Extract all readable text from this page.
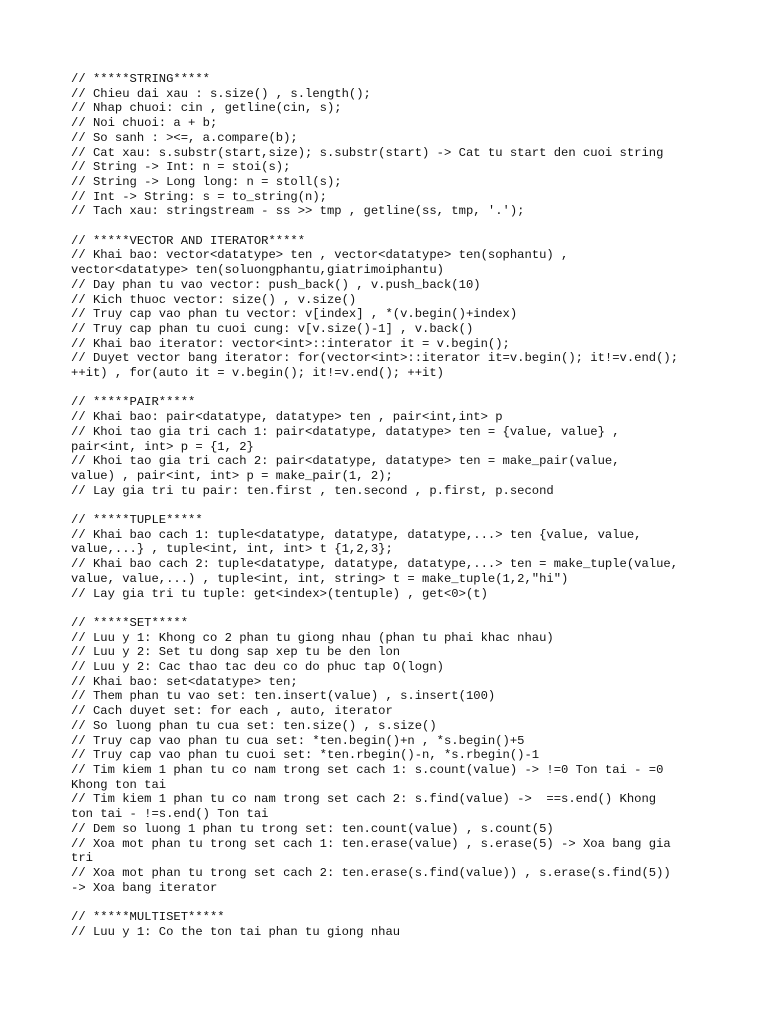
// *****STRING*****
// Chieu dai xau : s.size() , s.length();
// Nhap chuoi: cin , getline(cin, s);
// Noi chuoi: a + b;
// So sanh : ><=, a.compare(b);
// Cat xau: s.substr(start,size); s.substr(start) -> Cat tu start den cuoi string
// String -> Int: n = stoi(s);
// String -> Long long: n = stoll(s);
// Int -> String: s = to_string(n);
// Tach xau: stringstream - ss >> tmp , getline(ss, tmp, '.');
// *****VECTOR AND ITERATOR*****
// Khai bao: vector<datatype> ten , vector<datatype> ten(sophantu) ,
vector<datatype> ten(soluongphantu,giatrimoiphantu)
// Day phan tu vao vector: push_back() , v.push_back(10)
// Kich thuoc vector: size() , v.size()
// Truy cap vao phan tu vector: v[index] , *(v.begin()+index)
// Truy cap phan tu cuoi cung: v[v.size()-1] , v.back()
// Khai bao iterator: vector<int>::interator it = v.begin();
// Duyet vector bang iterator: for(vector<int>::iterator it=v.begin(); it!=v.end();
++it) , for(auto it = v.begin(); it!=v.end(); ++it)
// *****PAIR*****
// Khai bao: pair<datatype, datatype> ten , pair<int,int> p
// Khoi tao gia tri cach 1: pair<datatype, datatype> ten = {value, value} ,
pair<int, int> p = {1, 2}
// Khoi tao gia tri cach 2: pair<datatype, datatype> ten = make_pair(value,
value) , pair<int, int> p = make_pair(1, 2);
// Lay gia tri tu pair: ten.first , ten.second , p.first, p.second
// *****TUPLE*****
// Khai bao cach 1: tuple<datatype, datatype, datatype,...> ten {value, value,
value,...} , tuple<int, int, int> t {1,2,3};
// Khai bao cach 2: tuple<datatype, datatype, datatype,...> ten = make_tuple(value,
value, value,...) , tuple<int, int, string> t = make_tuple(1,2,"hi")
// Lay gia tri tu tuple: get<index>(tentuple) , get<0>(t)
// *****SET*****
// Luu y 1: Khong co 2 phan tu giong nhau (phan tu phai khac nhau)
// Luu y 2: Set tu dong sap xep tu be den lon
// Luu y 2: Cac thao tac deu co do phuc tap O(logn)
// Khai bao: set<datatype> ten;
// Them phan tu vao set: ten.insert(value) , s.insert(100)
// Cach duyet set: for each , auto, iterator
// So luong phan tu cua set: ten.size() , s.size()
// Truy cap vao phan tu cua set: *ten.begin()+n , *s.begin()+5
// Truy cap vao phan tu cuoi set: *ten.rbegin()-n, *s.rbegin()-1
// Tim kiem 1 phan tu co nam trong set cach 1: s.count(value) -> !=0 Ton tai - =0
Khong ton tai
// Tim kiem 1 phan tu co nam trong set cach 2: s.find(value) ->  ==s.end() Khong
ton tai - !=s.end() Ton tai
// Dem so luong 1 phan tu trong set: ten.count(value) , s.count(5)
// Xoa mot phan tu trong set cach 1: ten.erase(value) , s.erase(5) -> Xoa bang gia
tri
// Xoa mot phan tu trong set cach 2: ten.erase(s.find(value)) , s.erase(s.find(5))
-> Xoa bang iterator
// *****MULTISET*****
// Luu y 1: Co the ton tai phan tu giong nhau
